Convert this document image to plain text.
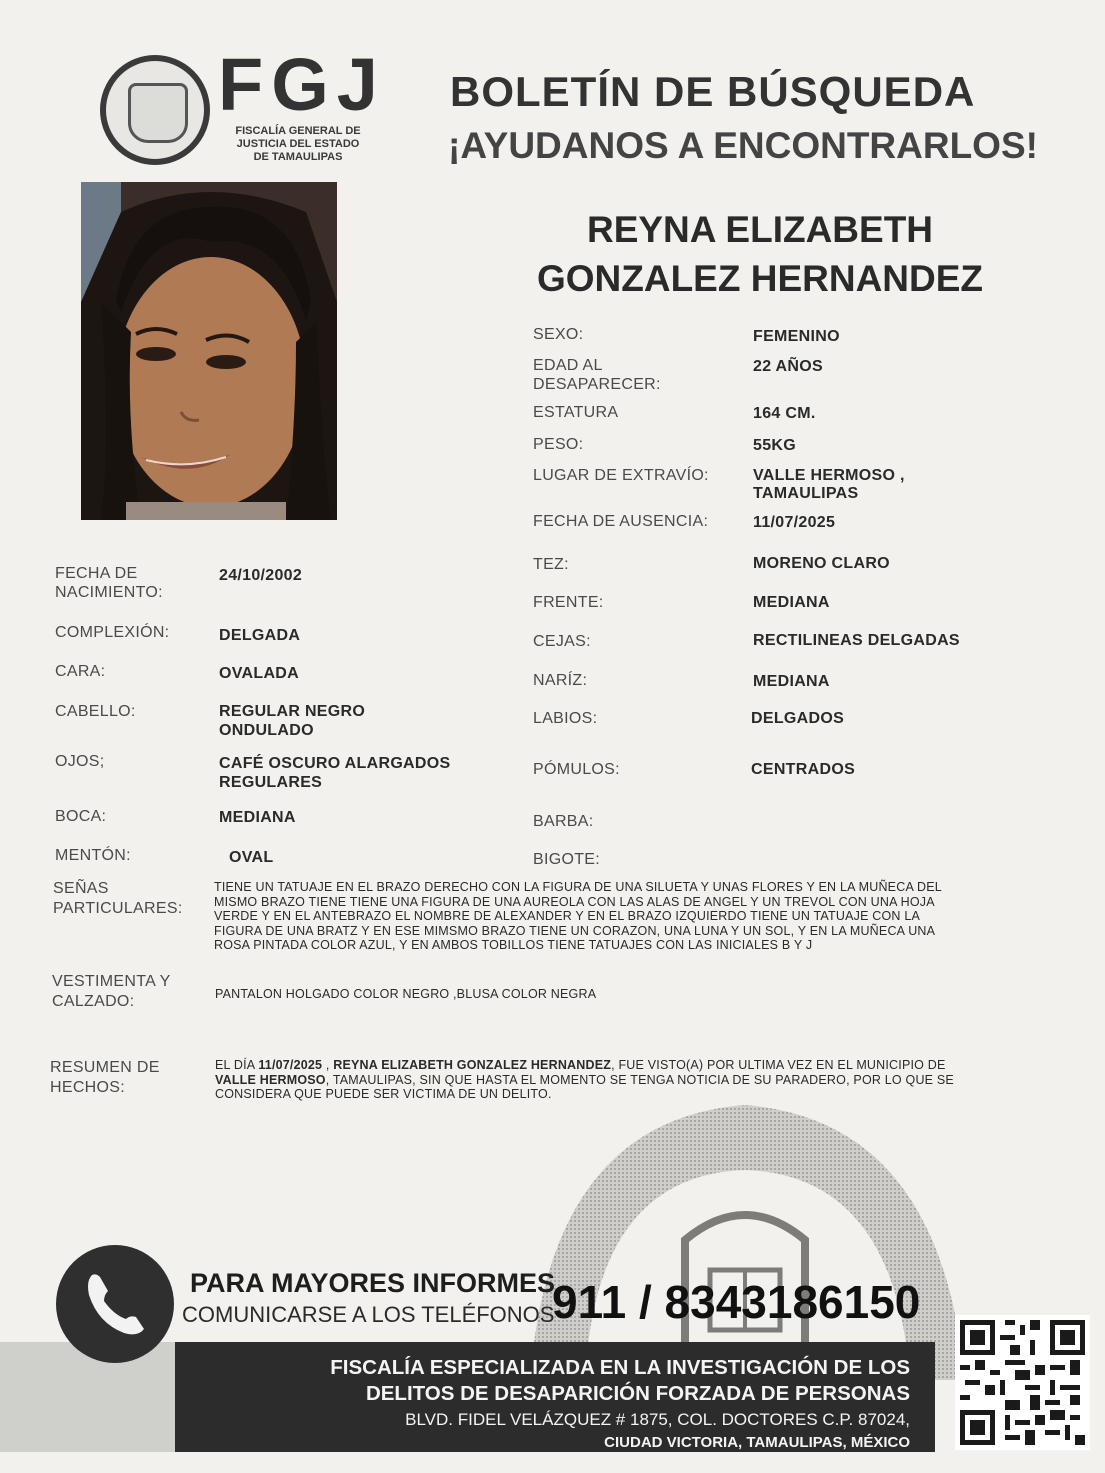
FGJ
FISCALÍA GENERAL DE
JUSTICIA DEL ESTADO
DE TAMAULIPAS
BOLETÍN DE BÚSQUEDA
¡AYUDANOS A ENCONTRARLOS!
REYNA ELIZABETH
GONZALEZ HERNANDEZ
SEXO:	FEMENINO
EDAD AL
DESAPARECER:
22 AÑOS
ESTATURA	164 CM.
PESO:	55KG
LUGAR DE EXTRAVÍO:	VALLE HERMOSO ,
TAMAULIPAS
FECHA DE AUSENCIA:	11/07/2025
TEZ:	MORENO CLARO
FRENTE:	MEDIANA
CEJAS:	RECTILINEAS DELGADAS
NARÍZ:	MEDIANA
LABIOS:	DELGADOS
PÓMULOS:	CENTRADOS
BARBA:
BIGOTE:
FECHA DE
NACIMIENTO:
24/10/2002
COMPLEXIÓN:	DELGADA
CARA:	OVALADA
CABELLO:	REGULAR NEGRO
ONDULADO
OJOS;	CAFÉ OSCURO ALARGADOS
REGULARES
BOCA:	MEDIANA
MENTÓN:	OVAL
SEÑAS
PARTICULARES:
TIENE UN TATUAJE EN EL BRAZO DERECHO CON LA FIGURA DE UNA SILUETA Y UNAS FLORES Y EN LA MUÑECA DEL
MISMO BRAZO TIENE TIENE UNA FIGURA DE UNA AUREOLA CON LAS ALAS DE ANGEL Y UN TREVOL CON UNA HOJA
VERDE Y EN EL ANTEBRAZO EL NOMBRE DE ALEXANDER Y EN EL BRAZO IZQUIERDO TIENE UN TATUAJE CON LA
FIGURA DE UNA BRATZ Y EN ESE MIMSMO BRAZO TIENE UN CORAZON, UNA LUNA Y UN SOL, Y EN LA MUÑECA UNA
ROSA PINTADA COLOR AZUL, Y EN AMBOS TOBILLOS TIENE TATUAJES CON LAS INICIALES B Y J
VESTIMENTA Y
CALZADO:	PANTALON HOLGADO COLOR NEGRO ,BLUSA COLOR NEGRA
RESUMEN DE
HECHOS:
EL DÍA 11/07/2025 , REYNA ELIZABETH GONZALEZ HERNANDEZ, FUE VISTO(A) POR ULTIMA VEZ EN EL MUNICIPIO DE
VALLE HERMOSO, TAMAULIPAS, SIN QUE HASTA EL MOMENTO SE TENGA NOTICIA DE SU PARADERO, POR LO QUE SE
CONSIDERA QUE PUEDE SER VICTIMA DE UN DELITO.
PARA MAYORES INFORMES,
COMUNICARSE A LOS TELÉFONOS
911 / 8343186150
FISCALÍA ESPECIALIZADA EN LA INVESTIGACIÓN DE LOS
DELITOS DE DESAPARICIÓN FORZADA DE PERSONAS
BLVD. FIDEL VELÁZQUEZ # 1875, COL. DOCTORES C.P. 87024,
CIUDAD VICTORIA, TAMAULIPAS, MÉXICO
